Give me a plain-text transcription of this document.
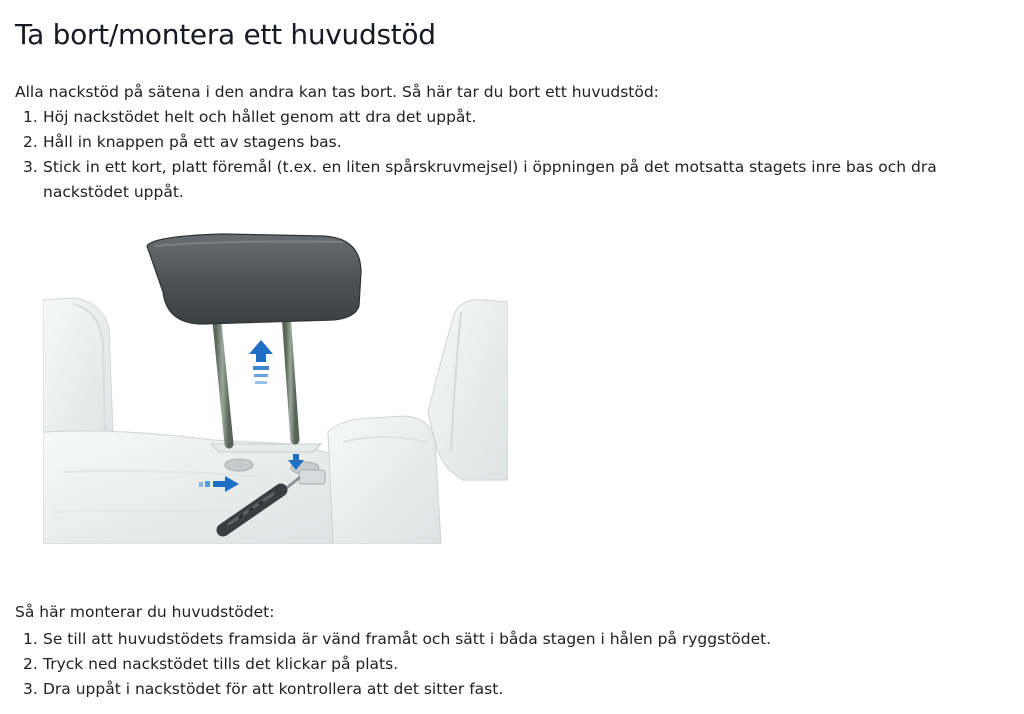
Ta bort/montera ett huvudstöd

Alla nackstöd på sätena i den andra kan tas bort. Så här tar du bort ett huvudstöd:

1. Höj nackstödet helt och hållet genom att dra det uppåt.
2. Håll in knappen på ett av stagens bas.
3. Stick in ett kort, platt föremål (t.ex. en liten spårskruvmejsel) i öppningen på det motsatta stagets inre bas och dra nackstödet uppåt.

Så här monterar du huvudstödet:

1. Se till att huvudstödets framsida är vänd framåt och sätt i båda stagen i hålen på ryggstödet.
2. Tryck ned nackstödet tills det klickar på plats.
3. Dra uppåt i nackstödet för att kontrollera att det sitter fast.
